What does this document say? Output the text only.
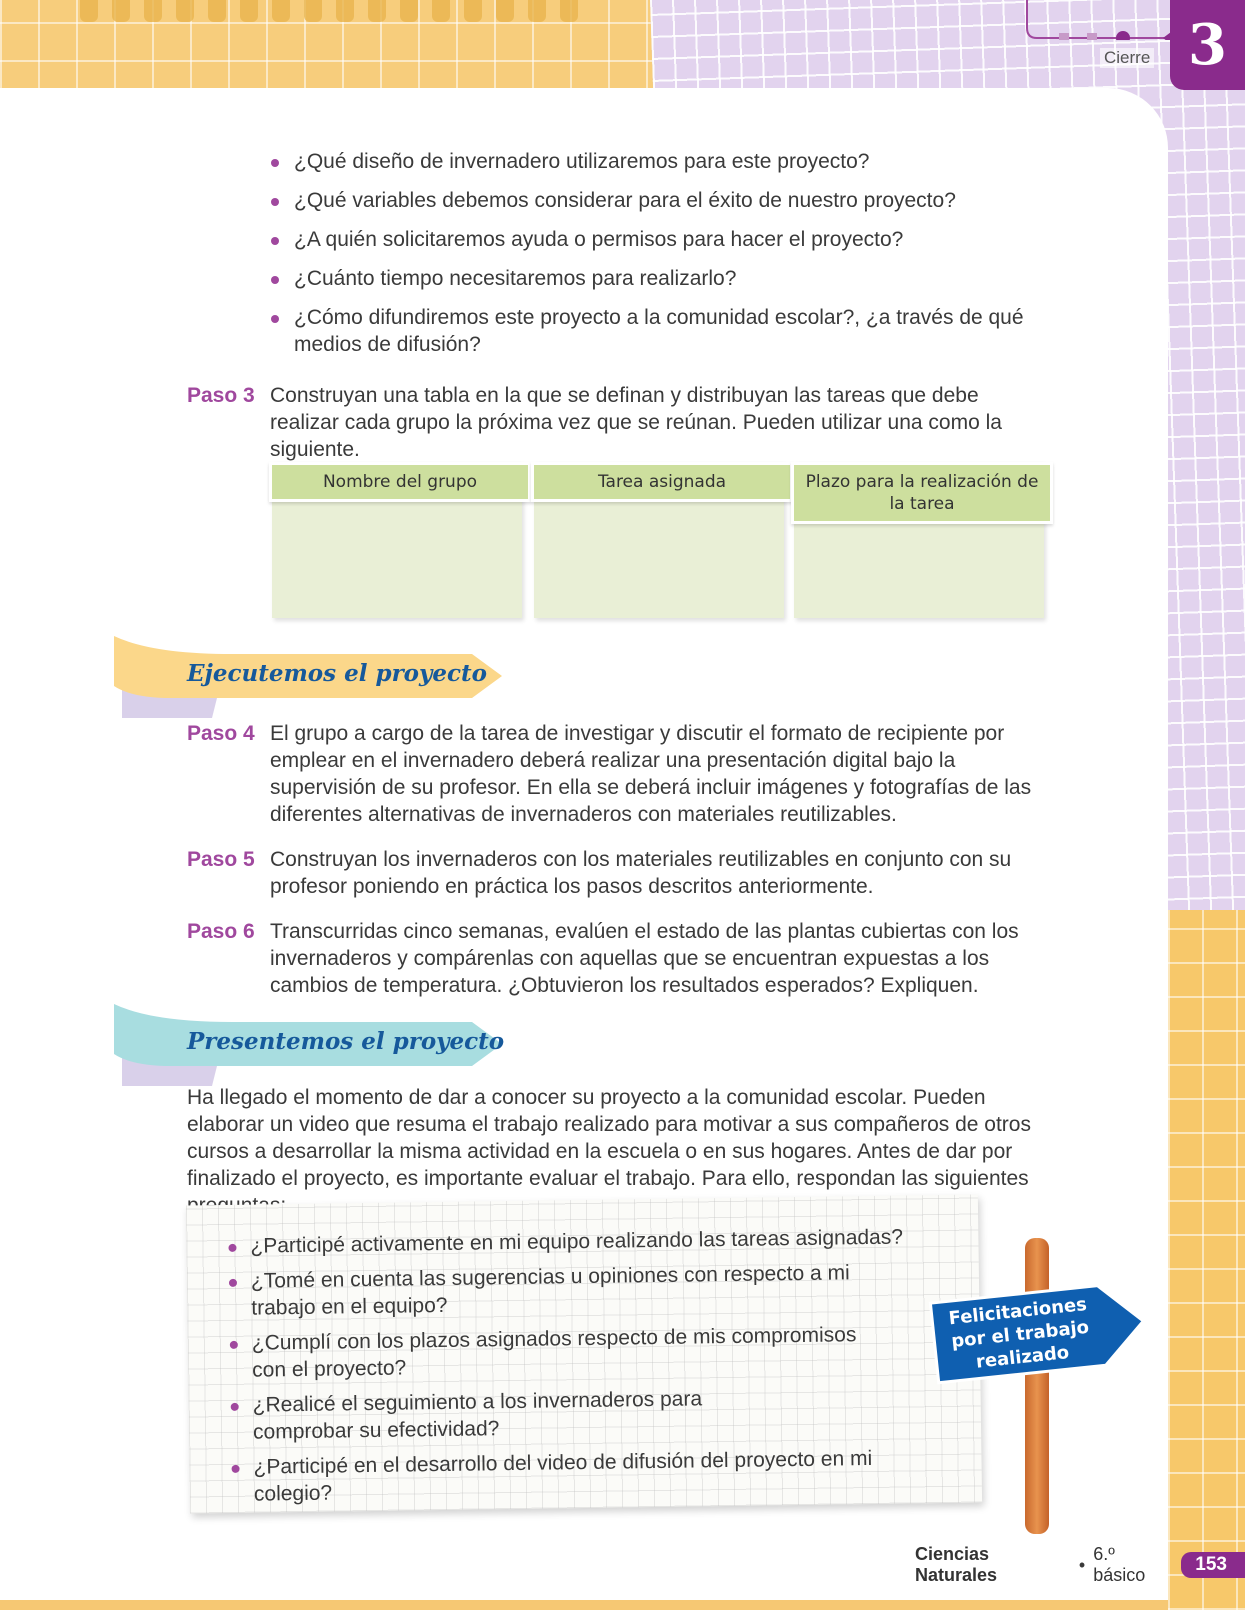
Cierre 3
¿Qué diseño de invernadero utilizaremos para este proyecto?
¿Qué variables debemos considerar para el éxito de nuestro proyecto?
¿A quién solicitaremos ayuda o permisos para hacer el proyecto?
¿Cuánto tiempo necesitaremos para realizarlo?
¿Cómo difundiremos este proyecto a la comunidad escolar?, ¿a través de qué medios de difusión?
Paso 3 Construyan una tabla en la que se definan y distribuyan las tareas que debe realizar cada grupo la próxima vez que se reúnan. Pueden utilizar una como la siguiente.
Nombre del grupo	Tarea asignada	Plazo para la realización de la tarea
Ejecutemos el proyecto
Paso 4 El grupo a cargo de la tarea de investigar y discutir el formato de recipiente por emplear en el invernadero deberá realizar una presentación digital bajo la supervisión de su profesor. En ella se deberá incluir imágenes y fotografías de las diferentes alternativas de invernaderos con materiales reutilizables.
Paso 5 Construyan los invernaderos con los materiales reutilizables en conjunto con su profesor poniendo en práctica los pasos descritos anteriormente.
Paso 6 Transcurridas cinco semanas, evalúen el estado de las plantas cubiertas con los invernaderos y compárenlas con aquellas que se encuentran expuestas a los cambios de temperatura. ¿Obtuvieron los resultados esperados? Expliquen.
Presentemos el proyecto
Ha llegado el momento de dar a conocer su proyecto a la comunidad escolar. Pueden elaborar un video que resuma el trabajo realizado para motivar a sus compañeros de otros cursos a desarrollar la misma actividad en la escuela o en sus hogares. Antes de dar por finalizado el proyecto, es importante evaluar el trabajo. Para ello, respondan las siguientes
¿Participé activamente en mi equipo realizando las tareas asignadas?
¿Tomé en cuenta las sugerencias u opiniones con respecto a mi trabajo en el equipo?
¿Cumplí con los plazos asignados respecto de mis compromisos con el proyecto?
¿Realicé el seguimiento a los invernaderos para comprobar su efectividad?
¿Participé en el desarrollo del video de difusión del proyecto en mi colegio?
Felicitaciones por el trabajo realizado
Ciencias Naturales
•
6.º básico	153
